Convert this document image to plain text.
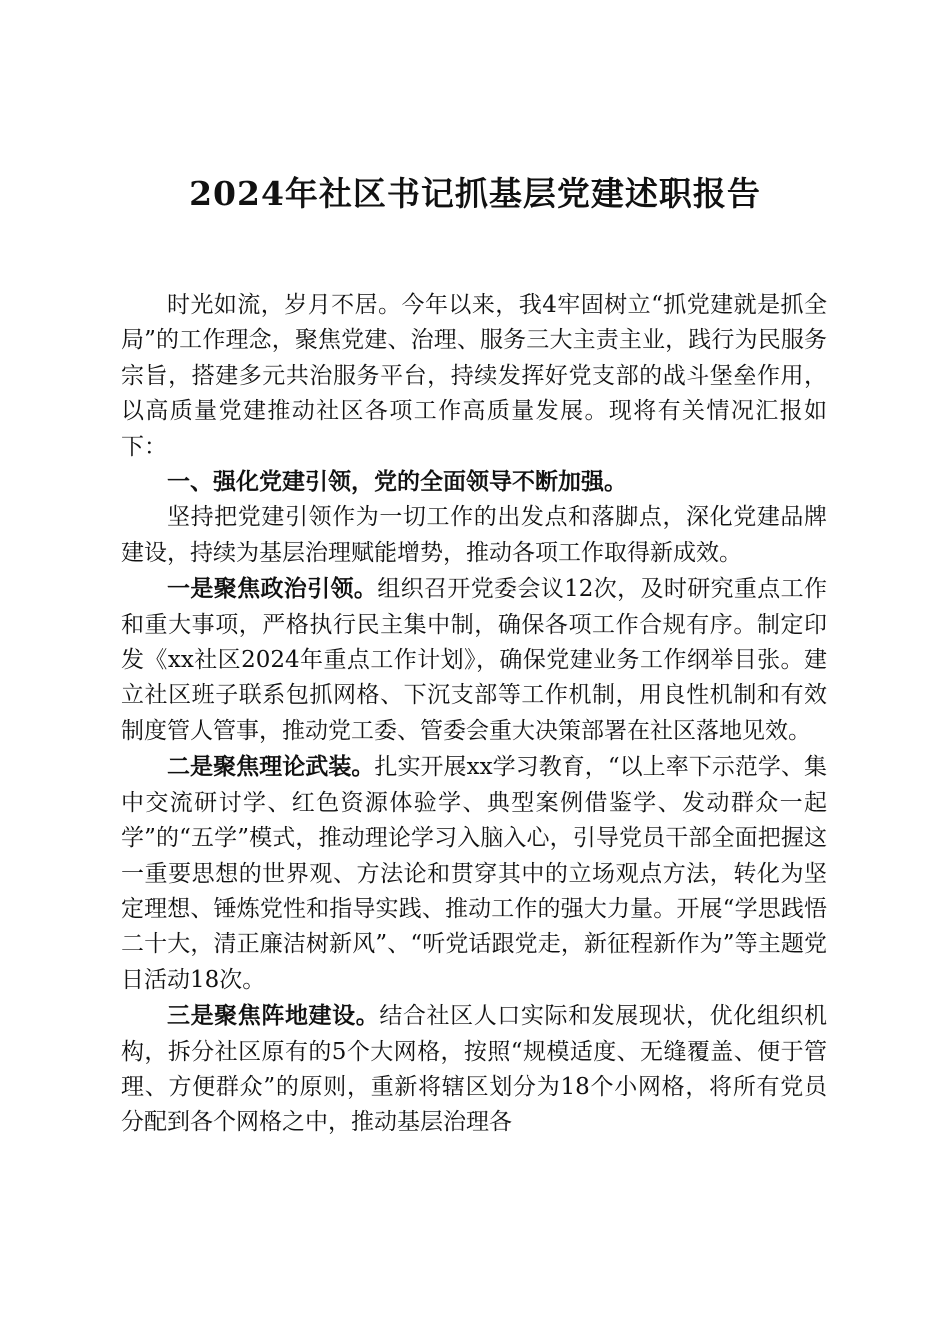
2024年社区书记抓基层党建述职报告

时光如流，岁月不居。今年以来，我4牢固树立“抓党建就是抓全局”的工作理念，聚焦党建、治理、服务三大主责主业，践行为民服务宗旨，搭建多元共治服务平台，持续发挥好党支部的战斗堡垒作用，以高质量党建推动社区各项工作高质量发展。现将有关情况汇报如下：

一、强化党建引领，党的全面领导不断加强。

坚持把党建引领作为一切工作的出发点和落脚点，深化党建品牌建设，持续为基层治理赋能增势，推动各项工作取得新成效。

一是聚焦政治引领。组织召开党委会议12次，及时研究重点工作和重大事项，严格执行民主集中制，确保各项工作合规有序。制定印发《xx社区2024年重点工作计划》，确保党建业务工作纲举目张。建立社区班子联系包抓网格、下沉支部等工作机制，用良性机制和有效制度管人管事，推动党工委、管委会重大决策部署在社区落地见效。

二是聚焦理论武装。扎实开展xx学习教育，“以上率下示范学、集中交流研讨学、红色资源体验学、典型案例借鉴学、发动群众一起学”的“五学”模式，推动理论学习入脑入心，引导党员干部全面把握这一重要思想的世界观、方法论和贯穿其中的立场观点方法，转化为坚定理想、锤炼党性和指导实践、推动工作的强大力量。开展“学思践悟二十大，清正廉洁树新风”、“听党话跟党走，新征程新作为”等主题党日活动18次。

三是聚焦阵地建设。结合社区人口实际和发展现状，优化组织机构，拆分社区原有的5个大网格，按照“规模适度、无缝覆盖、便于管理、方便群众”的原则，重新将辖区划分为18个小网格，将所有党员分配到各个网格之中，推动基层治理各
